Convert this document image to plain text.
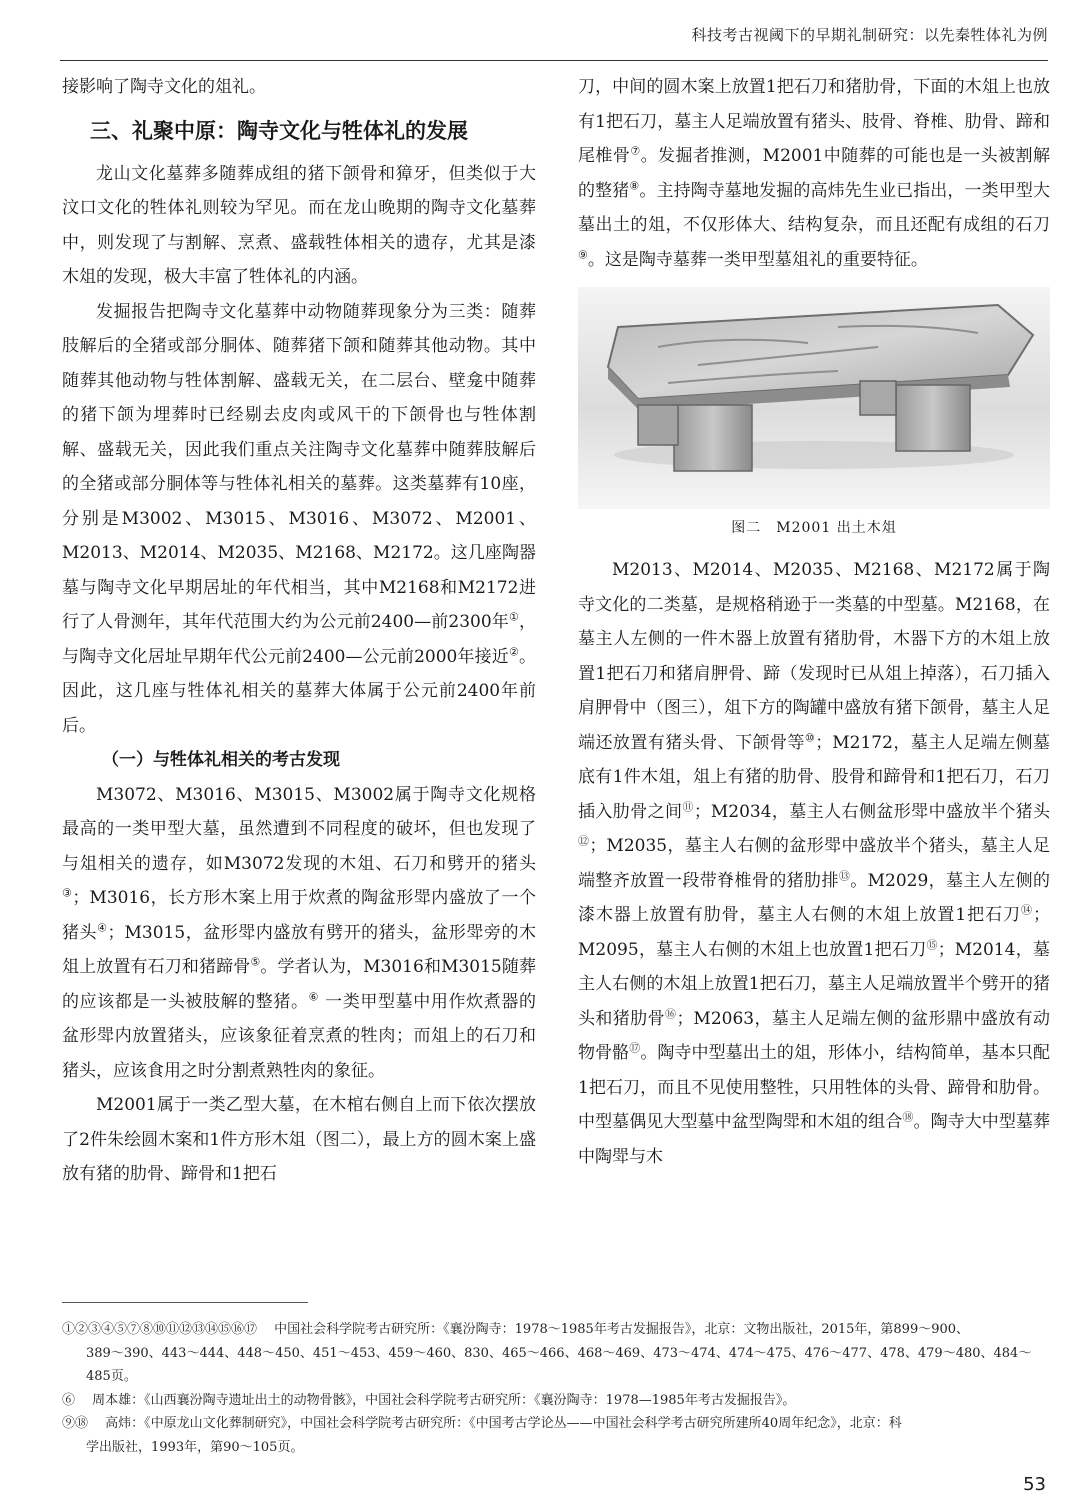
科技考古视阈下的早期礼制研究：以先秦牲体礼为例

接影响了陶寺文化的俎礼。

三、礼聚中原：陶寺文化与牲体礼的发展

龙山文化墓葬多随葬成组的猪下颌骨和獐牙，但类似于大汶口文化的牲体礼则较为罕见。而在龙山晚期的陶寺文化墓葬中，则发现了与割解、烹煮、盛载牲体相关的遗存，尤其是漆木俎的发现，极大丰富了牲体礼的内涵。

发掘报告把陶寺文化墓葬中动物随葬现象分为三类：随葬肢解后的全猪或部分胴体、随葬猪下颌和随葬其他动物。其中随葬其他动物与牲体割解、盛载无关，在二层台、壁龛中随葬的猪下颌为埋葬时已经剔去皮肉或风干的下颌骨也与牲体割解、盛载无关，因此我们重点关注陶寺文化墓葬中随葬肢解后的全猪或部分胴体等与牲体礼相关的墓葬。这类墓葬有10座，分别是M3002、M3015、M3016、M3072、M2001、M2013、M2014、M2035、M2168、M2172。这几座陶器墓与陶寺文化早期居址的年代相当，其中M2168和M2172进行了人骨测年，其年代范围大约为公元前2400—前2300年①，与陶寺文化居址早期年代公元前2400—公元前2000年接近②。因此，这几座与牲体礼相关的墓葬大体属于公元前2400年前后。

（一）与牲体礼相关的考古发现

M3072、M3016、M3015、M3002属于陶寺文化规格最高的一类甲型大墓，虽然遭到不同程度的破坏，但也发现了与俎相关的遗存，如M3072发现的木俎、石刀和劈开的猪头③；M3016，长方形木案上用于炊煮的陶盆形斝内盛放了一个猪头④；M3015，盆形斝内盛放有劈开的猪头，盆形斝旁的木俎上放置有石刀和猪蹄骨⑤。学者认为，M3016和M3015随葬的应该都是一头被肢解的整猪。⑥ 一类甲型墓中用作炊煮器的盆形斝内放置猪头，应该象征着烹煮的牲肉；而俎上的石刀和猪头，应该食用之时分割煮熟牲肉的象征。

M2001属于一类乙型大墓，在木棺右侧自上而下依次摆放了2件朱绘圆木案和1件方形木俎（图二），最上方的圆木案上盛放有猪的肋骨、蹄骨和1把石

刀，中间的圆木案上放置1把石刀和猪肋骨，下面的木俎上也放有1把石刀，墓主人足端放置有猪头、肢骨、脊椎、肋骨、蹄和尾椎骨⑦。发掘者推测，M2001中随葬的可能也是一头被割解的整猪⑧。主持陶寺墓地发掘的高炜先生业已指出，一类甲型大墓出土的俎，不仅形体大、结构复杂，而且还配有成组的石刀⑨。这是陶寺墓葬一类甲型墓俎礼的重要特征。

图二　M2001 出土木俎

M2013、M2014、M2035、M2168、M2172属于陶寺文化的二类墓，是规格稍逊于一类墓的中型墓。M2168，在墓主人左侧的一件木器上放置有猪肋骨，木器下方的木俎上放置1把石刀和猪肩胛骨、蹄（发现时已从俎上掉落），石刀插入肩胛骨中（图三），俎下方的陶罐中盛放有猪下颌骨，墓主人足端还放置有猪头骨、下颌骨等⑩；M2172，墓主人足端左侧墓底有1件木俎，俎上有猪的肋骨、股骨和蹄骨和1把石刀，石刀插入肋骨之间⑪；M2034，墓主人右侧盆形斝中盛放半个猪头⑫；M2035，墓主人右侧的盆形斝中盛放半个猪头，墓主人足端整齐放置一段带脊椎骨的猪肋排⑬。M2029，墓主人左侧的漆木器上放置有肋骨，墓主人右侧的木俎上放置1把石刀⑭；M2095，墓主人右侧的木俎上也放置1把石刀⑮；M2014，墓主人右侧的木俎上放置1把石刀，墓主人足端放置半个劈开的猪头和猪肋骨⑯；M2063，墓主人足端左侧的盆形鼎中盛放有动物骨骼⑰。陶寺中型墓出土的俎，形体小，结构简单，基本只配1把石刀，而且不见使用整牲，只用牲体的头骨、蹄骨和肋骨。中型墓偶见大型墓中盆型陶斝和木俎的组合⑱。陶寺大中型墓葬中陶斝与木

①②③④⑤⑦⑧⑩⑪⑫⑬⑭⑮⑯⑰　 中国社会科学院考古研究所：《襄汾陶寺：1978～1985年考古发掘报告》，北京：文物出版社，2015年，第899～900、
389～390、443～444、448～450、451～453、459～460、830、465～466、468～469、473～474、474～475、476～477、478、479～480、484～485页。

⑥　 周本雄：《山西襄汾陶寺遗址出土的动物骨骸》，中国社会科学院考古研究所：《襄汾陶寺：1978—1985年考古发掘报告》。

⑨⑱　 高炜：《中原龙山文化葬制研究》，中国社会科学院考古研究所：《中国考古学论丛——中国社会科学考古研究所建所40周年纪念》，北京：科
学出版社，1993年，第90～105页。

53
